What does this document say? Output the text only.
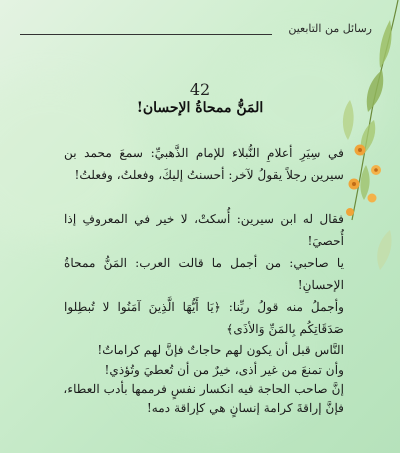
رسائل من التابعين
42
المَنُّ ممحاةُ الإحسان!

في سِيَرِ أعلامِ النُّبلاء للإمام الذَّهبيِّ: سمعَ محمد بن سيرين رجلاً يقولُ لآخر: أحسنتُ إليكَ، وفعلتُ، وفعلتُ!

فقال له ابن سيرين: أُسكتْ، لا خير في المعروفِ إذا أُحصيَ!

يا صاحبي: من أجمل ما قالت العرب: المَنُّ ممحاةُ الإحسانِ!

وأجملُ منه قولُ ربِّنا: ﴿يَا أَيُّهَا الَّذِينَ آمَنُوا لا تُبطِلوا صَدَقَاتِكُم بِالمَنِّ وَالأذَى﴾

النَّاس قبل أن يكون لهم حاجاتٌ فإنَّ لهم كراماتٌ!
وأن تمنعَ من غير أذى، خيرٌ من أن تُعطيَ وتُؤذي!
إنَّ صاحب الحاجة فيه انكسار نفسٍ فرممها بأدب العطاء،
فإنَّ إراقةَ كرامة إنسانٍ هي كإراقة دمه!
